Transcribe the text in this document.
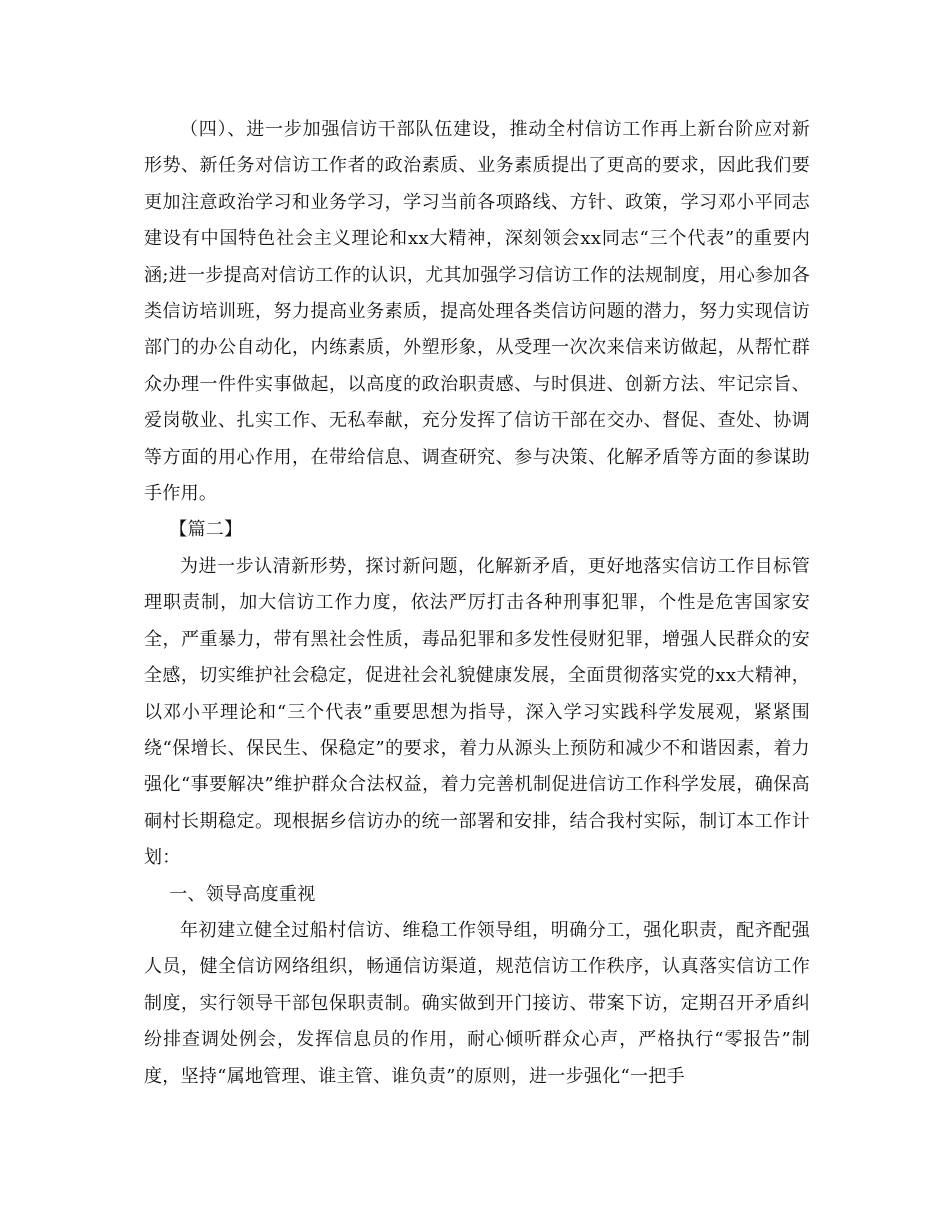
（四）、进一步加强信访干部队伍建设，推动全村信访工作再上新台阶应对新形势、新任务对信访工作者的政治素质、业务素质提出了更高的要求，因此我们要更加注意政治学习和业务学习，学习当前各项路线、方针、政策，学习邓小平同志建设有中国特色社会主义理论和xx大精神，深刻领会xx同志“三个代表”的重要内涵;进一步提高对信访工作的认识，尤其加强学习信访工作的法规制度，用心参加各类信访培训班，努力提高业务素质，提高处理各类信访问题的潜力，努力实现信访部门的办公自动化，内练素质，外塑形象，从受理一次次来信来访做起，从帮忙群众办理一件件实事做起，以高度的政治职责感、与时俱进、创新方法、牢记宗旨、爱岗敬业、扎实工作、无私奉献，充分发挥了信访干部在交办、督促、查处、协调等方面的用心作用，在带给信息、调查研究、参与决策、化解矛盾等方面的参谋助手作用。

【篇二】

为进一步认清新形势，探讨新问题，化解新矛盾，更好地落实信访工作目标管理职责制，加大信访工作力度，依法严厉打击各种刑事犯罪，个性是危害国家安全，严重暴力，带有黑社会性质，毒品犯罪和多发性侵财犯罪，增强人民群众的安全感，切实维护社会稳定，促进社会礼貌健康发展，全面贯彻落实党的xx大精神，以邓小平理论和“三个代表”重要思想为指导，深入学习实践科学发展观，紧紧围绕“保增长、保民生、保稳定”的要求，着力从源头上预防和减少不和谐因素，着力强化“事要解决”维护群众合法权益，着力完善机制促进信访工作科学发展，确保高硐村长期稳定。现根据乡信访办的统一部署和安排，结合我村实际，制订本工作计划：

一、领导高度重视

年初建立健全过船村信访、维稳工作领导组，明确分工，强化职责，配齐配强人员，健全信访网络组织，畅通信访渠道，规范信访工作秩序，认真落实信访工作制度，实行领导干部包保职责制。确实做到开门接访、带案下访，定期召开矛盾纠纷排查调处例会，发挥信息员的作用，耐心倾听群众心声，严格执行“零报告”制度，坚持“属地管理、谁主管、谁负责”的原则，进一步强化“一把手
